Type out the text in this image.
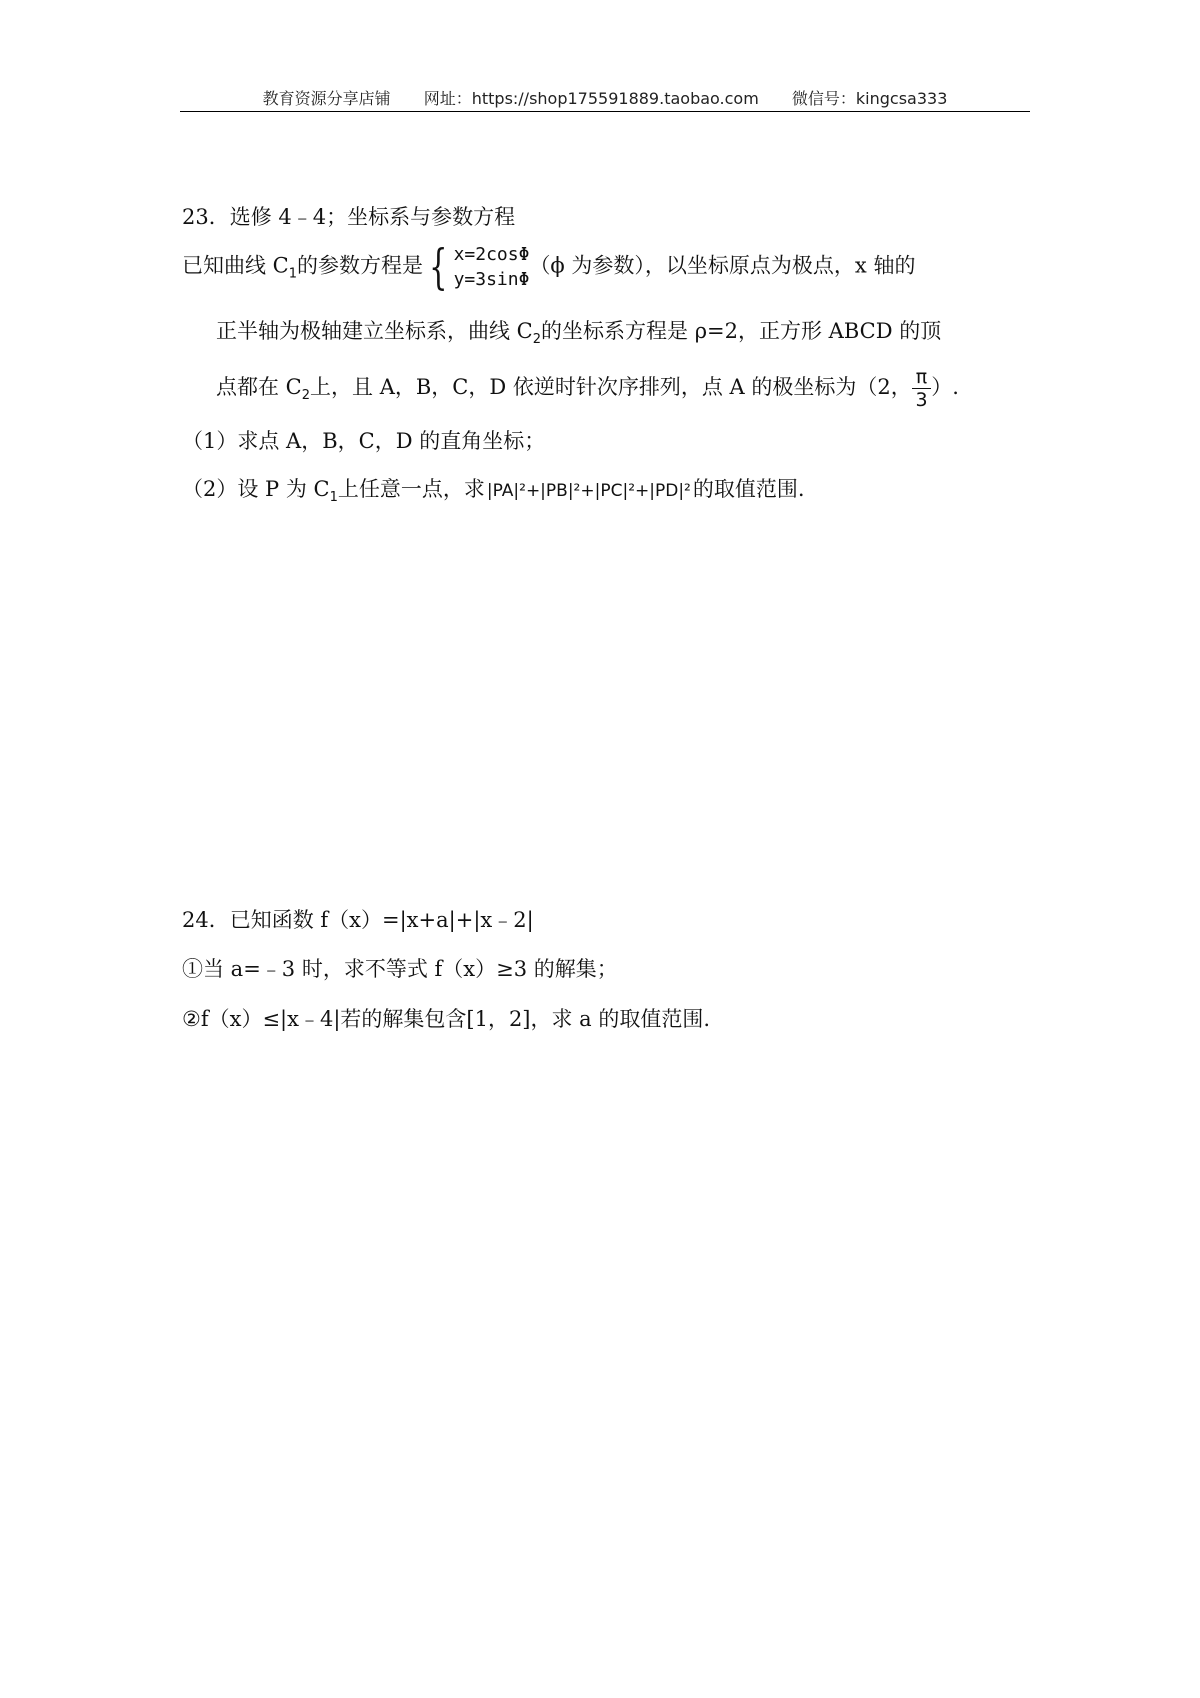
教育资源分享店铺 网址：https://shop175591889.taobao.com 微信号：kingcsa333
23．选修 4﹣4；坐标系与参数方程
已知曲线 $C_1$的参数方程是 { x=2cosΦ
y=3sinΦ
（ϕ 为参数），以坐标原点为极点，x 轴的
正半轴为极轴建立坐标系，曲线 $C_2$的坐标系方程是 ρ=2，正方形 ABCD 的顶
点都在 $C_2$上，且 A，B，C，D 依逆时针次序排列，点 A 的极坐标为（2， $\frac{\pi}{3}$ ）.
（1）求点 A，B，C，D 的直角坐标；
（2）设 P 为 $C_1$上任意一点，求 |PA|²+|PB|²+|PC|²+|PD|²的取值范围.
24．已知函数 f（x）=|x+a|+|x﹣2|
①当 a=﹣3 时，求不等式 f（x）≥3 的解集；
②f（x）≤|x﹣4|若的解集包含[1，2]，求 a 的取值范围.
